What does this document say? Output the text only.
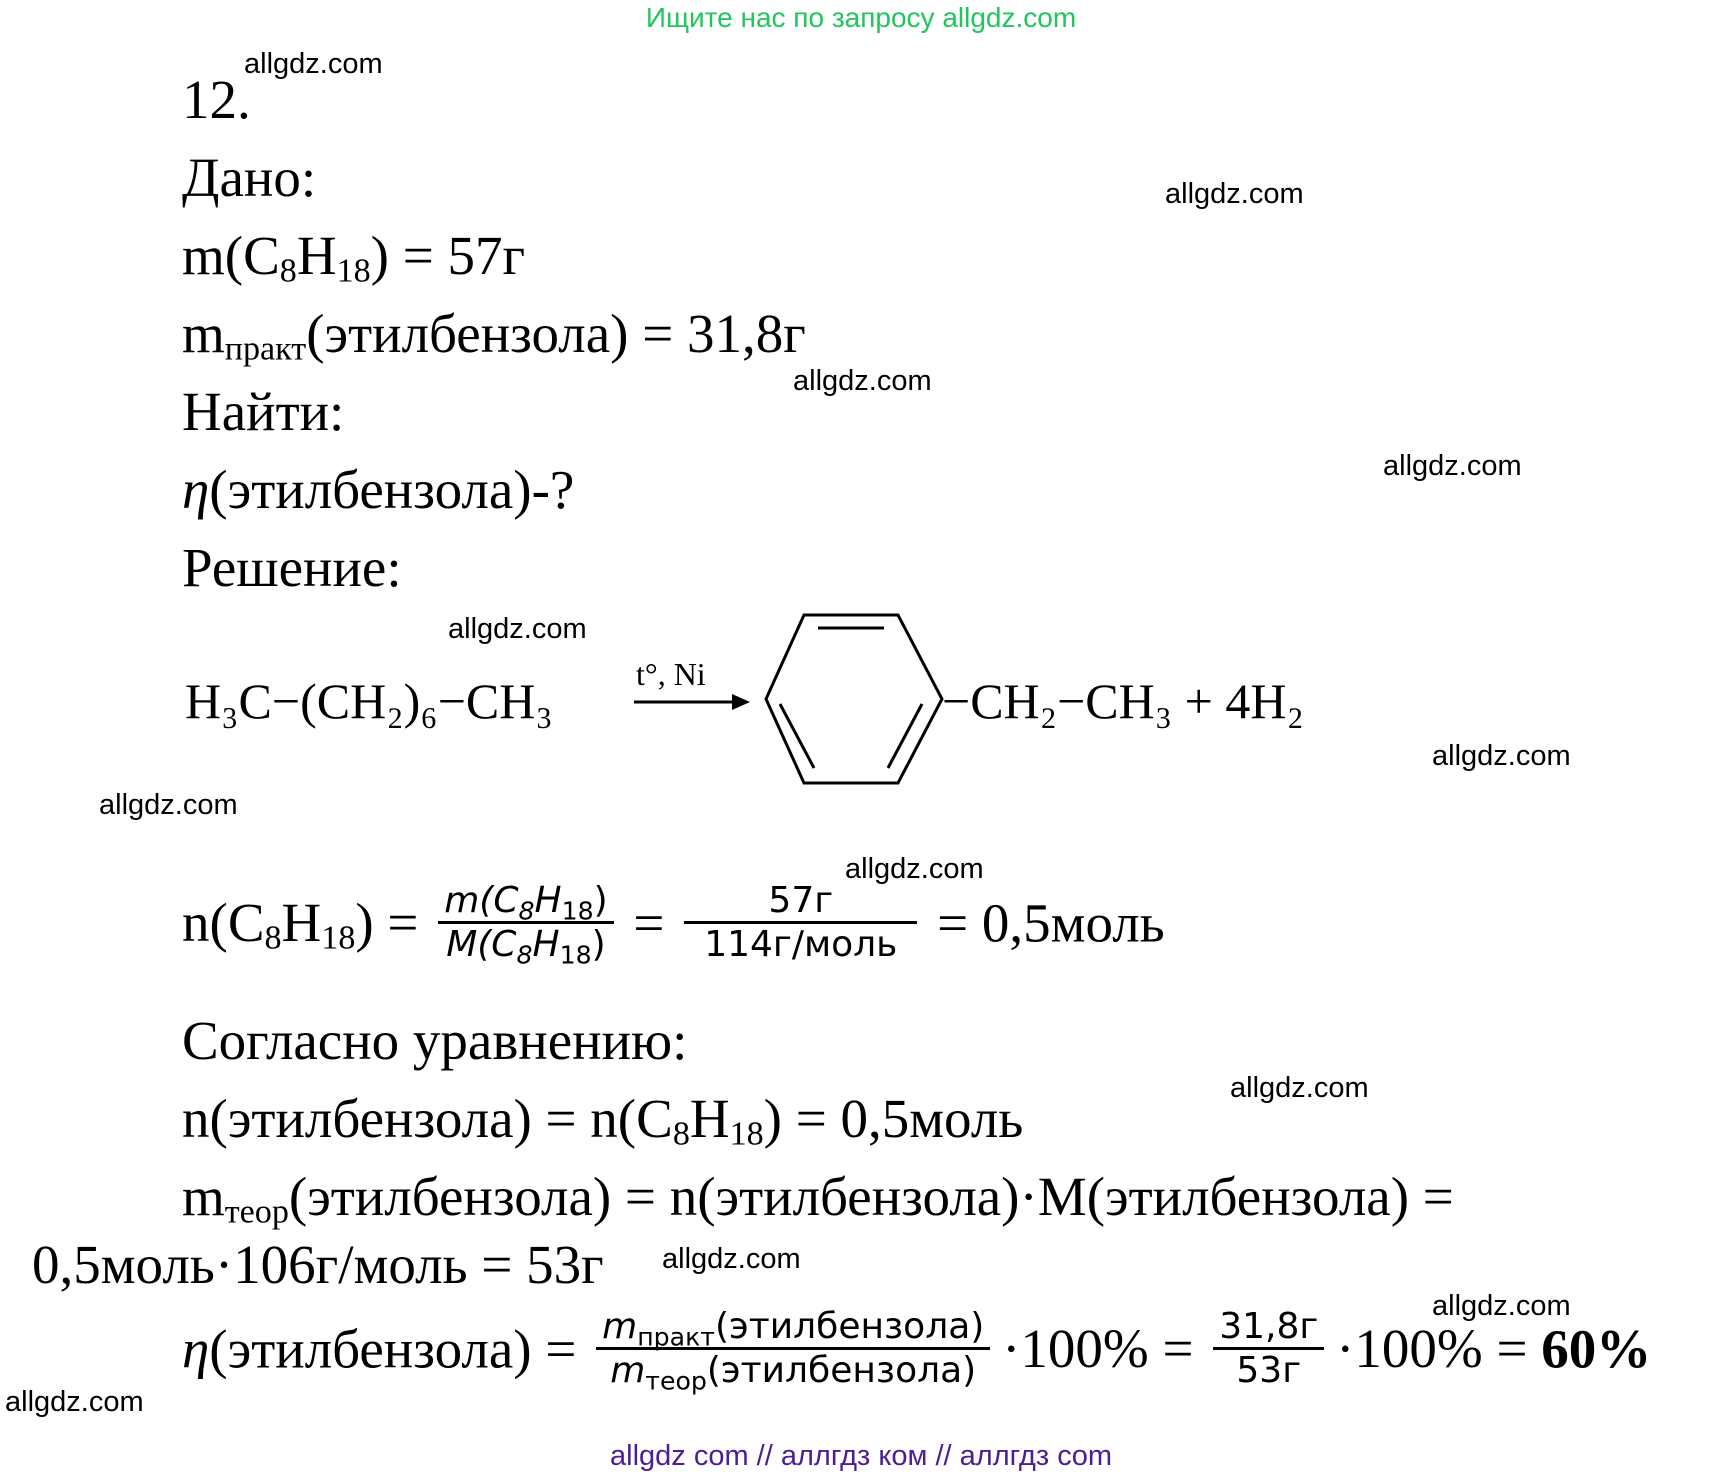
Ищите нас по запросу allgdz.com
allgdz.com
allgdz.com
allgdz.com
allgdz.com
allgdz.com
allgdz.com
allgdz.com
allgdz.com
allgdz.com
allgdz.com
allgdz.com
allgdz.com
12.
Дано:
$m(C_8H_{18}) = 57г$
$m_{практ}(этилбензола) = 31,8г$
Найти:
η(этилбензола)-?
Решение:
H₃C−(CH₂)₆−CH₃	t°, Ni	−CH₂−CH₃ + 4H₂
$n(C_8H_{18}) = \frac{m(C_8H_{18})}{M(C_8H_{18})} = \frac{57г}{\text{114г/моль}}$ = 0,5моль
Согласно уравнению:
n(этилбензола) = $n(C_8H_{18})$ = 0,5моль
$m_{теор}(этилбензола)$ = n(этилбензола)·M(этилбензола) =
0,5моль·106г/моль = 53г
η(этилбензола) = $\frac{m_{практ}(этилбензола)}{m_{теор}(этилбензола)} \cdot 100\% = \frac{31,8г}{53г} \cdot 100\% = 60\%$
allgdz com // аллгдз ком // аллгдз com
